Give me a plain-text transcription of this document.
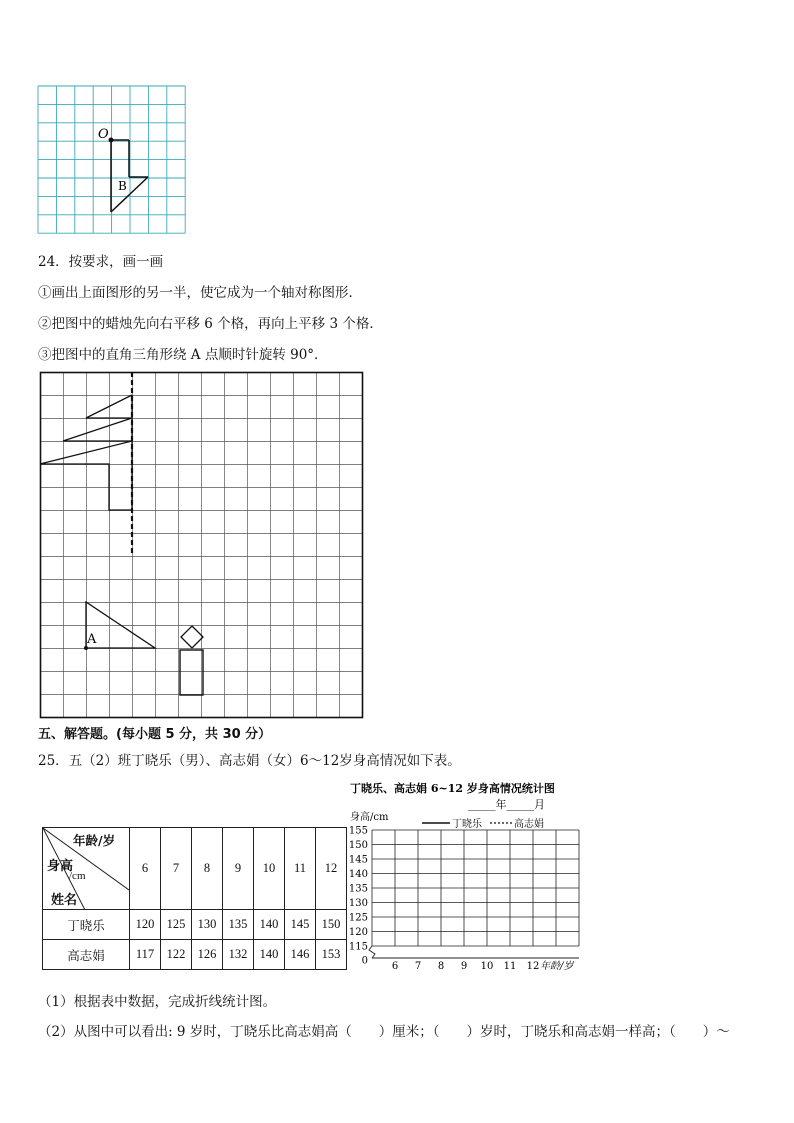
O
B
24．按要求，画一画
①画出上面图形的另一半，使它成为一个轴对称图形．
②把图中的蜡烛先向右平移 6 个格，再向上平移 3 个格．
③把图中的直角三角形绕 A 点顺时针旋转 90°．
A
五、解答题。(每小题 5 分，共 30 分）
25．五（2）班丁晓乐（男）、高志娟（女）6～12岁身高情况如下表。
年龄/岁
身高
/cm
姓名	6	7	8	9	10	11	12
丁晓乐	120	125	130	135	140	145	150
高志娟	117	122	126	132	140	146	153
丁晓乐、高志娟 6~12 岁身高情况统计图
_____年_____月
身高/cm
丁晓乐	高志娟
155
150
145
140
135
130
125
120
115
0 6 7 8 9 10 11 12 年龄/岁
（1）根据表中数据，完成折线统计图。
（2）从图中可以看出: 9 岁时，丁晓乐比高志娟高（　　）厘米；（　　）岁时，丁晓乐和高志娟一样高；（　　）～
